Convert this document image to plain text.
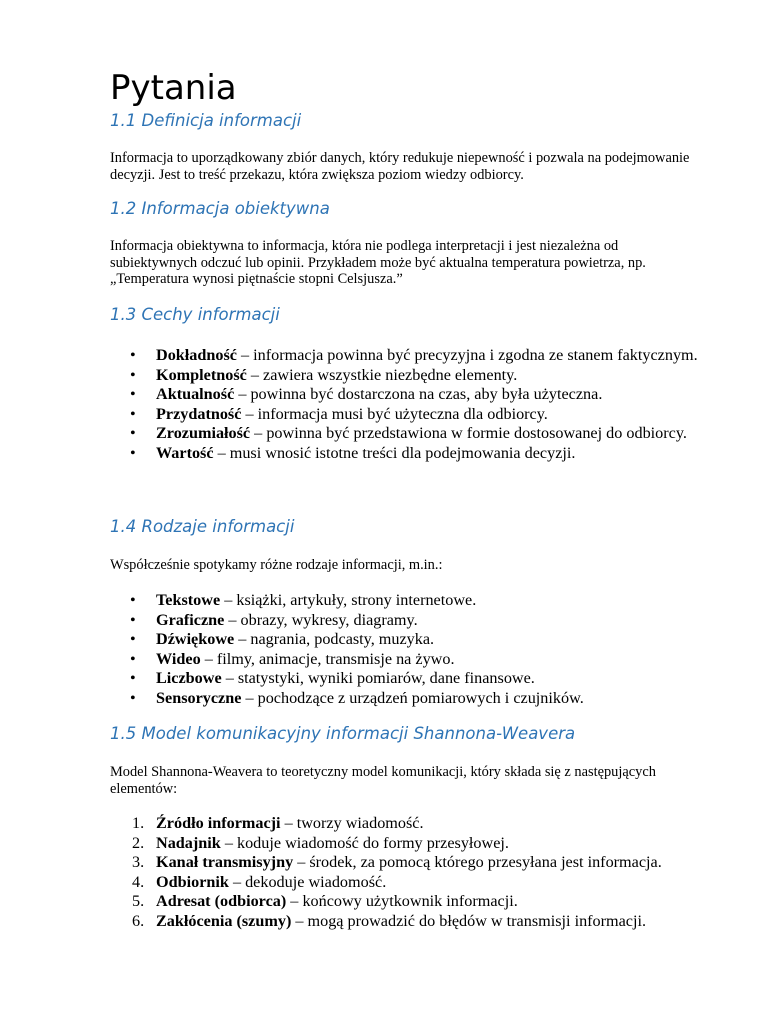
Pytania
1.1 Definicja informacji

Informacja to uporządkowany zbiór danych, który redukuje niepewność i pozwala na podejmowanie decyzji. Jest to treść przekazu, która zwiększa poziom wiedzy odbiorcy.

1.2 Informacja obiektywna

Informacja obiektywna to informacja, która nie podlega interpretacji i jest niezależna od subiektywnych odczuć lub opinii. Przykładem może być aktualna temperatura powietrza, np. „Temperatura wynosi piętnaście stopni Celsjusza.”

1.3 Cechy informacji
• Dokładność – informacja powinna być precyzyjna i zgodna ze stanem faktycznym.
• Kompletność – zawiera wszystkie niezbędne elementy.
• Aktualność – powinna być dostarczona na czas, aby była użyteczna.
• Przydatność – informacja musi być użyteczna dla odbiorcy.
• Zrozumiałość – powinna być przedstawiona w formie dostosowanej do odbiorcy.
• Wartość – musi wnosić istotne treści dla podejmowania decyzji.
1.4 Rodzaje informacji

Współcześnie spotykamy różne rodzaje informacji, m.in.:

• Tekstowe – książki, artykuły, strony internetowe.
• Graficzne – obrazy, wykresy, diagramy.
• Dźwiękowe – nagrania, podcasty, muzyka.
• Wideo – filmy, animacje, transmisje na żywo.
• Liczbowe – statystyki, wyniki pomiarów, dane finansowe.
• Sensoryczne – pochodzące z urządzeń pomiarowych i czujników.
1.5 Model komunikacyjny informacji Shannona-Weavera

Model Shannona-Weavera to teoretyczny model komunikacji, który składa się z następujących elementów:

1. Źródło informacji – tworzy wiadomość.
2. Nadajnik – koduje wiadomość do formy przesyłowej.
3. Kanał transmisyjny – środek, za pomocą którego przesyłana jest informacja.
4. Odbiornik – dekoduje wiadomość.
5. Adresat (odbiorca) – końcowy użytkownik informacji.
6. Zakłócenia (szumy) – mogą prowadzić do błędów w transmisji informacji.
